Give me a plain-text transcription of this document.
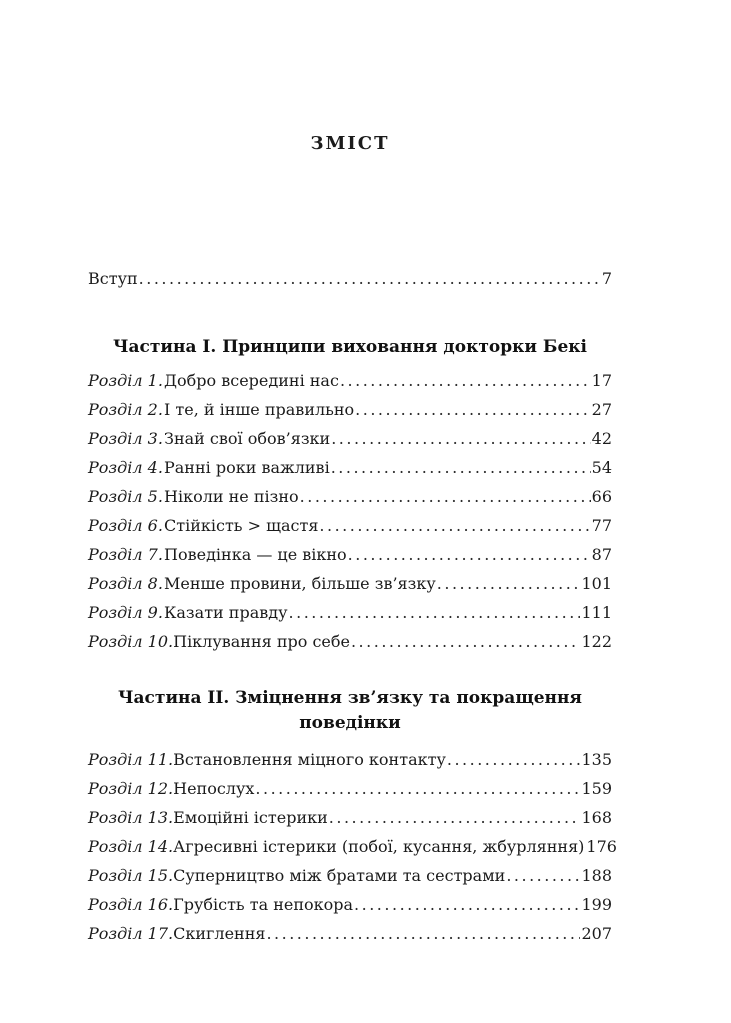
ЗМІСТ
Вступ .....	7
Частина I. Принципи виховання докторки Бекі
Розділ 1. Добро всередині нас .....	17
Розділ 2. І те, й інше правильно .....	27
Розділ 3. Знай свої обов’язки .....	42
Розділ 4. Ранні роки важливі .....	54
Розділ 5. Ніколи не пізно .....	66
Розділ 6. Стійкість > щастя .....	77
Розділ 7. Поведінка — це вікно .....	87
Розділ 8. Менше провини, більше зв’язку .....	101
Розділ 9. Казати правду .....	111
Розділ 10. Піклування про себе .....	122
Частина II. Зміцнення зв’язку та покращення поведінки
Розділ 11. Встановлення міцного контакту .....	135
Розділ 12. Непослух .....	159
Розділ 13. Емоційні істерики .....	168
Розділ 14. Агресивні істерики (побої, кусання, жбурляння) 176
Розділ 15. Суперництво між братами та сестрами .....	188
Розділ 16. Грубість та непокора .....	199
Розділ 17. Скиглення .....	207
